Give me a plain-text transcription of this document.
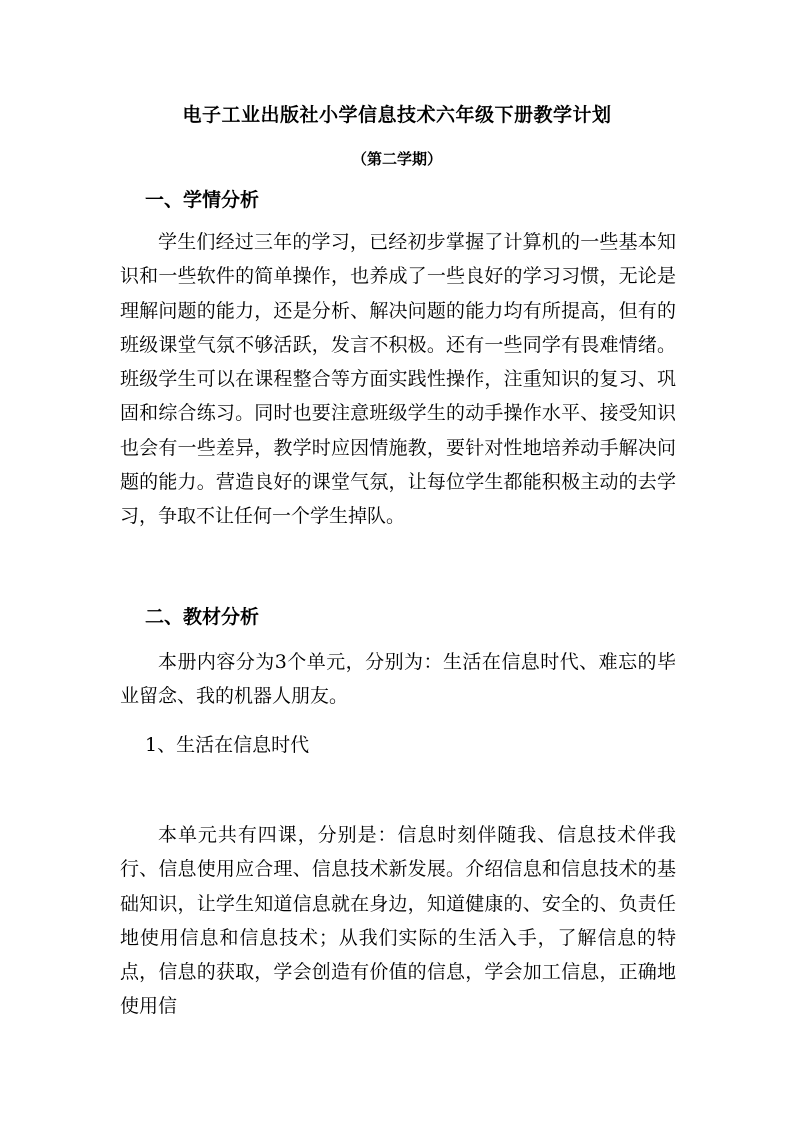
电子工业出版社小学信息技术六年级下册教学计划
（第二学期）
一、学情分析

学生们经过三年的学习，已经初步掌握了计算机的一些基本知识和一些软件的简单操作，也养成了一些良好的学习习惯，无论是理解问题的能力，还是分析、解决问题的能力均有所提高，但有的班级课堂气氛不够活跃，发言不积极。还有一些同学有畏难情绪。班级学生可以在课程整合等方面实践性操作，注重知识的复习、巩固和综合练习。同时也要注意班级学生的动手操作水平、接受知识也会有一些差异，教学时应因情施教，要针对性地培养动手解决问题的能力。营造良好的课堂气氛，让每位学生都能积极主动的去学习，争取不让任何一个学生掉队。

二、教材分析

本册内容分为3个单元，分别为：生活在信息时代、难忘的毕业留念、我的机器人朋友。

1、生活在信息时代

本单元共有四课，分别是：信息时刻伴随我、信息技术伴我行、信息使用应合理、信息技术新发展。介绍信息和信息技术的基础知识，让学生知道信息就在身边，知道健康的、安全的、负责任地使用信息和信息技术；从我们实际的生活入手，了解信息的特点，信息的获取，学会创造有价值的信息，学会加工信息，正确地使用信
